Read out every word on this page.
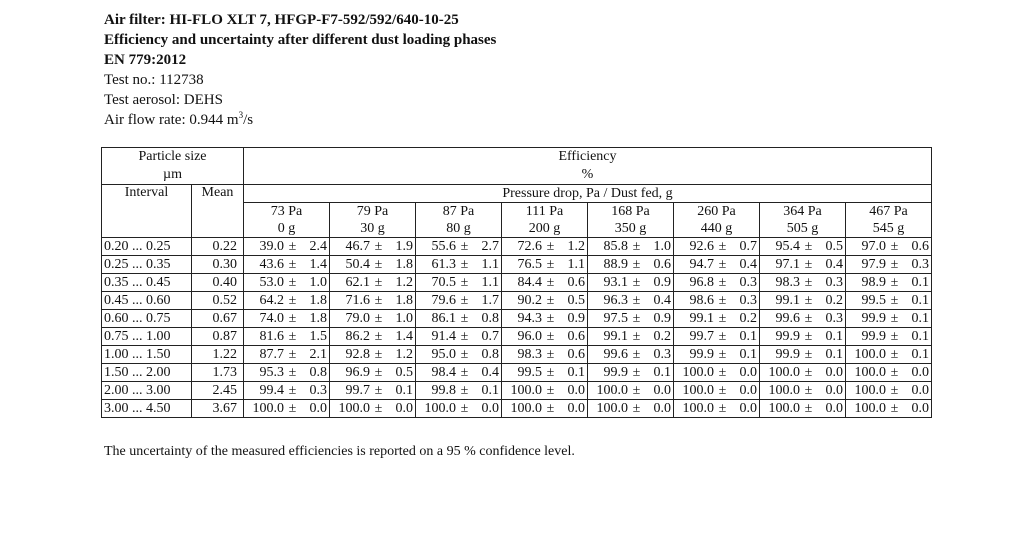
Air filter: HI-FLO XLT 7, HFGP-F7-592/592/640-10-25
Efficiency and uncertainty after different dust loading phases
EN 779:2012
Test no.: 112738
Test aerosol: DEHS
Air flow rate: 0.944 $m^3/s$
Particle size		Efficiency							
µm		%							
Interval	Mean	Pressure drop, Pa / Dust fed, g							
		73 Pa	79 Pa	87 Pa	111 Pa	168 Pa	260 Pa	364 Pa	467 Pa
		0 g	30 g	80 g	200 g	350 g	440 g	505 g	545 g
0.20 ... 0.25	0.22	39.0 ± 2.4	46.7 ± 1.9	55.6 ± 2.7	72.6 ± 1.2	85.8 ± 1.0	92.6 ± 0.7	95.4 ± 0.5	97.0 ± 0.6

0.25 ... 0.35	0.30	43.6 ± 1.4	50.4 ± 1.8	61.3 ± 1.1	76.5 ± 1.1	88.9 ± 0.6	94.7 ± 0.4	97.1 ± 0.4	97.9 ± 0.3

0.35 ... 0.45	0.40	53.0 ± 1.0	62.1 ± 1.2	70.5 ± 1.1	84.4 ± 0.6	93.1 ± 0.9	96.8 ± 0.3	98.3 ± 0.3	98.9 ± 0.1

0.45 ... 0.60	0.52	64.2 ± 1.8	71.6 ± 1.8	79.6 ± 1.7	90.2 ± 0.5	96.3 ± 0.4	98.6 ± 0.3	99.1 ± 0.2	99.5 ± 0.1

0.60 ... 0.75	0.67	74.0 ± 1.8	79.0 ± 1.0	86.1 ± 0.8	94.3 ± 0.9	97.5 ± 0.9	99.1 ± 0.2	99.6 ± 0.3	99.9 ± 0.1

0.75 ... 1.00	0.87	81.6 ± 1.5	86.2 ± 1.4	91.4 ± 0.7	96.0 ± 0.6	99.1 ± 0.2	99.7 ± 0.1	99.9 ± 0.1	99.9 ± 0.1

1.00 ... 1.50	1.22	87.7 ± 2.1	92.8 ± 1.2	95.0 ± 0.8	98.3 ± 0.6	99.6 ± 0.3	99.9 ± 0.1	99.9 ± 0.1	100.0 ± 0.1

1.50 ... 2.00	1.73	95.3 ± 0.8	96.9 ± 0.5	98.4 ± 0.4	99.5 ± 0.1	99.9 ± 0.1	100.0 ± 0.0	100.0 ± 0.0	100.0 ± 0.0

2.00 ... 3.00	2.45	99.4 ± 0.3	99.7 ± 0.1	99.8 ± 0.1	100.0 ± 0.0	100.0 ± 0.0	100.0 ± 0.0	100.0 ± 0.0	100.0 ± 0.0

3.00 ... 4.50	3.67	100.0 ± 0.0	100.0 ± 0.0	100.0 ± 0.0	100.0 ± 0.0	100.0 ± 0.0	100.0 ± 0.0	100.0 ± 0.0	100.0 ± 0.0
The uncertainty of the measured efficiencies is reported on a 95 % confidence level.
